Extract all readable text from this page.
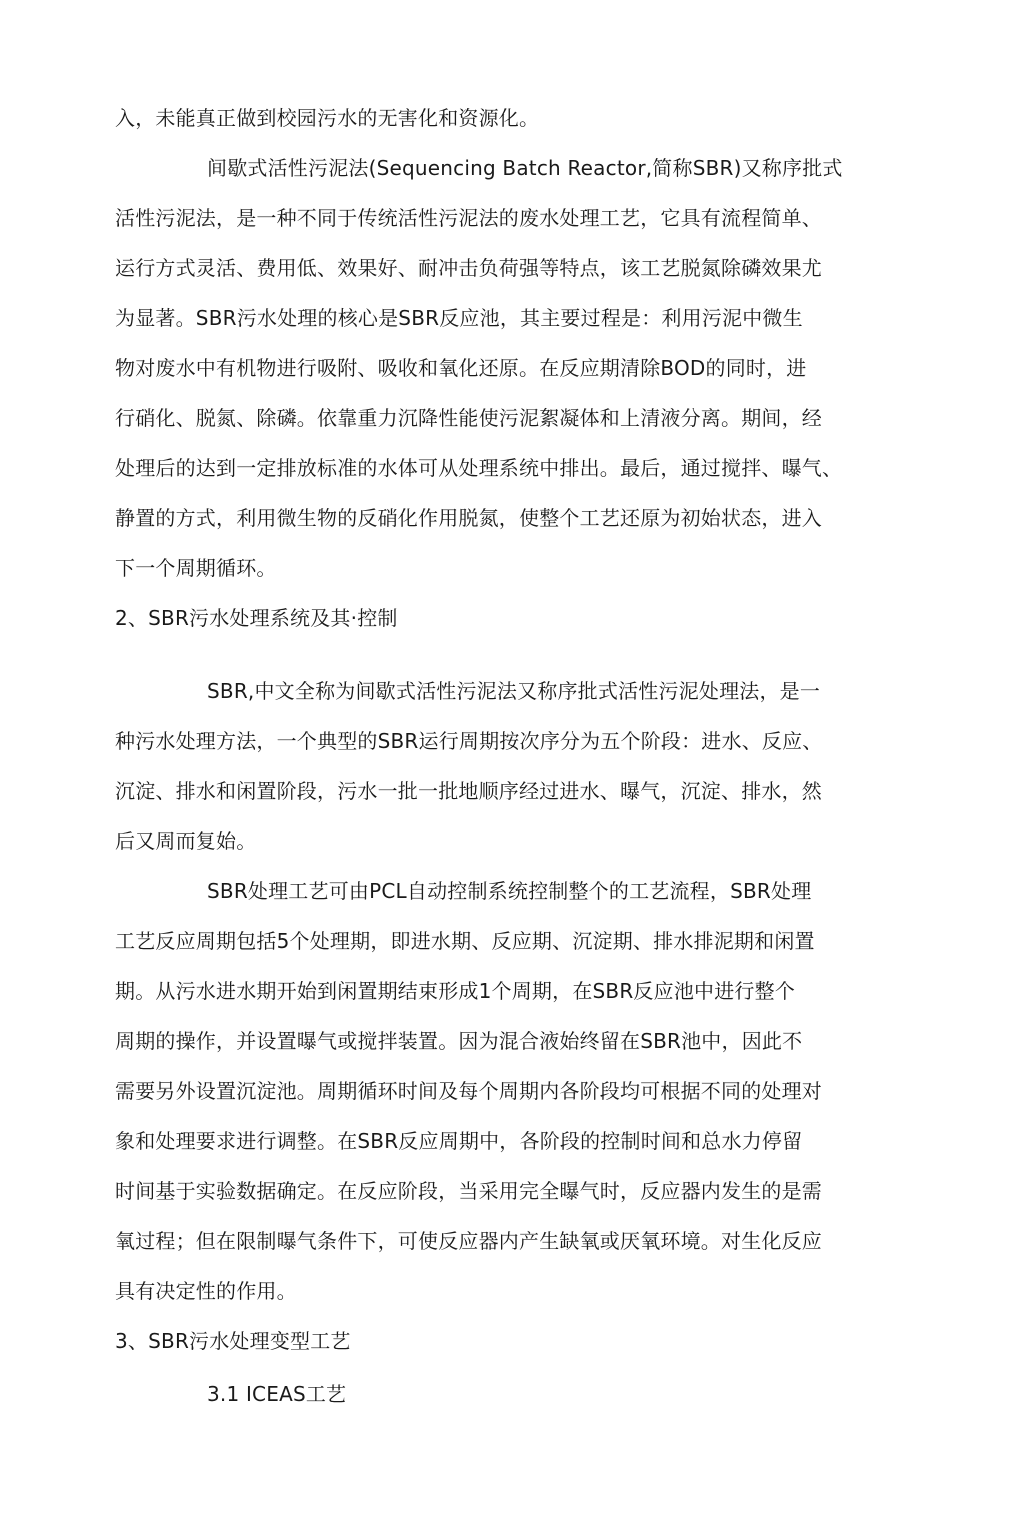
入，未能真正做到校园污水的无害化和资源化。
间歇式活性污泥法(Sequencing Batch Reactor,简称SBR)又称序批式
活性污泥法，是一种不同于传统活性污泥法的废水处理工艺，它具有流程简单、
运行方式灵活、费用低、效果好、耐冲击负荷强等特点，该工艺脱氮除磷效果尤
为显著。SBR污水处理的核心是SBR反应池，其主要过程是：利用污泥中微生
物对废水中有机物进行吸附、吸收和氧化还原。在反应期清除BOD的同时，进
行硝化、脱氮、除磷。依靠重力沉降性能使污泥絮凝体和上清液分离。期间，经
处理后的达到一定排放标准的水体可从处理系统中排出。最后，通过搅拌、曝气、
静置的方式，利用微生物的反硝化作用脱氮，使整个工艺还原为初始状态，进入
下一个周期循环。
2、SBR污水处理系统及其·控制
SBR,中文全称为间歇式活性污泥法又称序批式活性污泥处理法，是一
种污水处理方法，一个典型的SBR运行周期按次序分为五个阶段：进水、反应、
沉淀、排水和闲置阶段，污水一批一批地顺序经过进水、曝气，沉淀、排水，然
后又周而复始。
SBR处理工艺可由PCL自动控制系统控制整个的工艺流程，SBR处理
工艺反应周期包括5个处理期，即进水期、反应期、沉淀期、排水排泥期和闲置
期。从污水进水期开始到闲置期结束形成1个周期，在SBR反应池中进行整个
周期的操作，并设置曝气或搅拌装置。因为混合液始终留在SBR池中，因此不
需要另外设置沉淀池。周期循环时间及每个周期内各阶段均可根据不同的处理对
象和处理要求进行调整。在SBR反应周期中，各阶段的控制时间和总水力停留
时间基于实验数据确定。在反应阶段，当采用完全曝气时，反应器内发生的是需
氧过程；但在限制曝气条件下，可使反应器内产生缺氧或厌氧环境。对生化反应
具有决定性的作用。
3、SBR污水处理变型工艺
3.1 ICEAS工艺
